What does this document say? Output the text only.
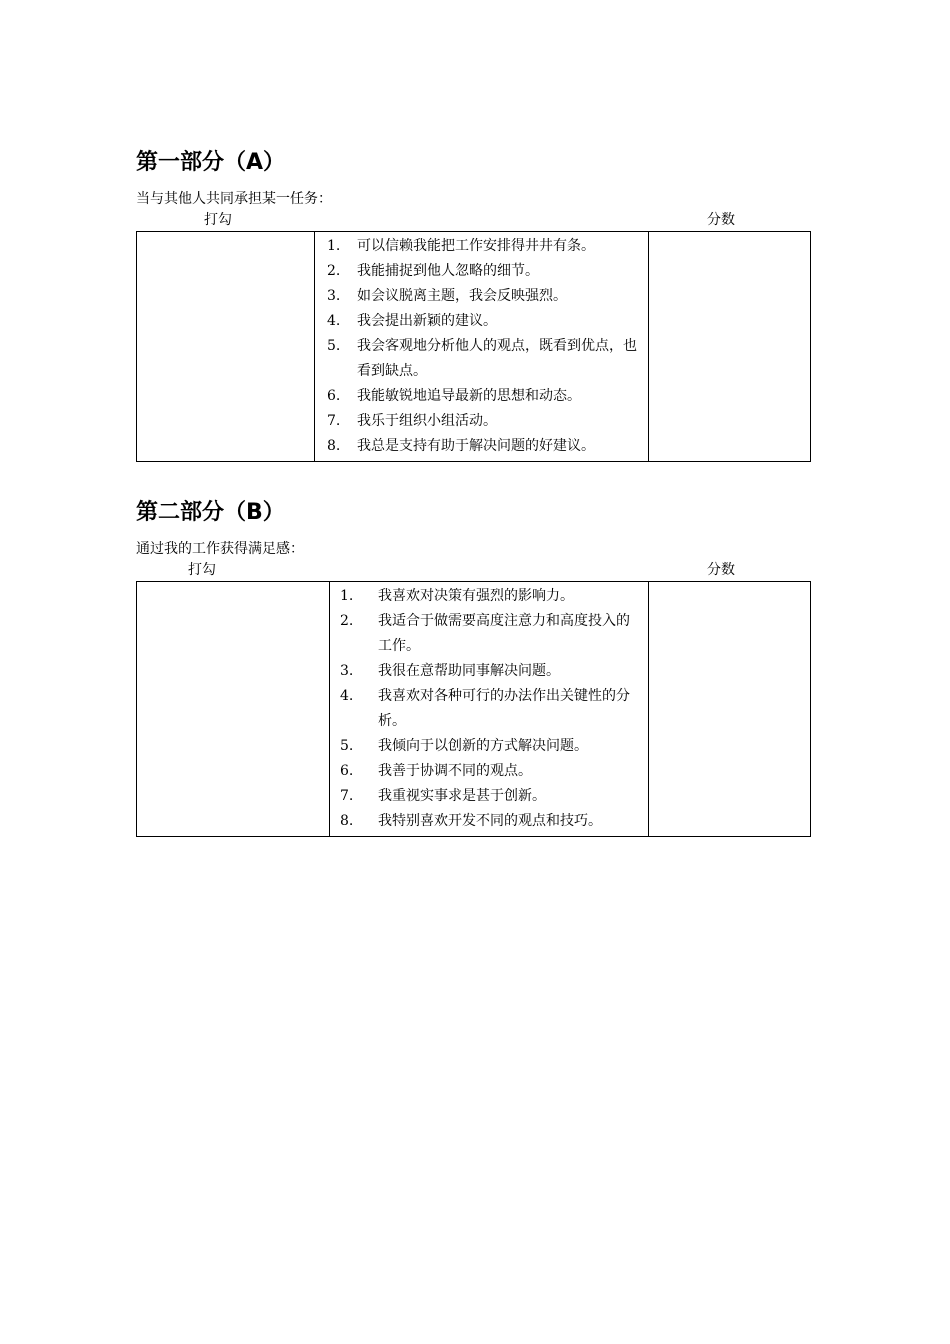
第一部分（A）
当与其他人共同承担某一任务：
打勾	分数

1.	可以信赖我能把工作安排得井井有条。
2.	我能捕捉到他人忽略的细节。
3.	如会议脱离主题，我会反映强烈。
4.	我会提出新颖的建议。
5.	我会客观地分析他人的观点，既看到优点，也看到缺点。
6.	我能敏锐地追导最新的思想和动态。
7.	我乐于组织小组活动。
8.	我总是支持有助于解决问题的好建议。

第二部分（B）
通过我的工作获得满足感：
打勾	分数

1.	我喜欢对决策有强烈的影响力。
2.	我适合于做需要高度注意力和高度投入的工作。
3.	我很在意帮助同事解决问题。
4.	我喜欢对各种可行的办法作出关键性的分析。
5.	我倾向于以创新的方式解决问题。
6.	我善于协调不同的观点。
7.	我重视实事求是甚于创新。
8.	我特别喜欢开发不同的观点和技巧。
